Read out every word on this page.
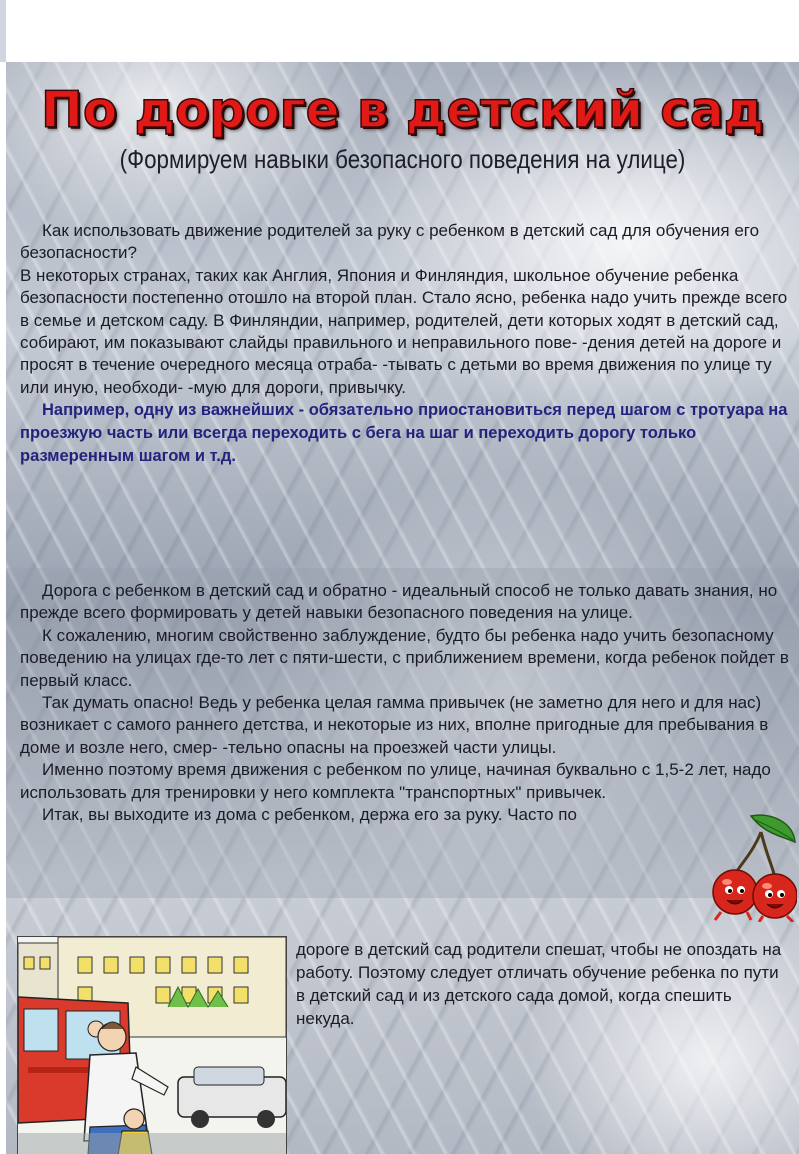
По дороге в детский сад
(Формируем навыки безопасного поведения на улице)

Как использовать движение родителей за руку с ребенком в детский сад для обучения его безопасности?

В некоторых странах, таких как Англия, Япония и Финляндия, школьное обучение ребенка безопасности постепенно отошло на второй план. Стало ясно, ребенка надо учить прежде всего в семье и детском саду. В Финляндии, например, родителей, дети которых ходят в детский сад, собирают, им показывают слайды правильного и неправильного пове- -дения детей на дороге и просят в течение очередного месяца отраба- -тывать с детьми во время движения по улице ту или иную, необходи- -мую для дороги, привычку.

Например, одну из важнейших - обязательно приостановиться перед шагом с тротуара на проезжую часть или всегда переходить с бега на шаг и переходить дорогу только размеренным шагом и т.д.

Дорога с ребенком в детский сад и обратно - идеальный способ не только давать знания, но прежде всего формировать у детей навыки безопасного поведения на улице.

К сожалению, многим свойственно заблуждение, будто бы ребенка надо учить безопасному поведению на улицах где-то лет с пяти-шести, с приближением времени, когда ребенок пойдет в первый класс.

Так думать опасно! Ведь у ребенка целая гамма привычек (не заметно для него и для нас) возникает с самого раннего детства, и некоторые из них, вполне пригодные для пребывания в доме и возле него, смер- -тельно опасны на проезжей части улицы.

Именно поэтому время движения с ребенком по улице, начиная буквально с 1,5-2 лет, надо использовать для тренировки у него комплекта "транспортных" привычек.

Итак, вы выходите из дома с ребенком, держа его за руку. Часто по

дороге в детский сад родители спешат, чтобы не опоздать на работу. Поэтому следует отличать обучение ребенка по пути в детский сад и из детского сада домой, когда спешить некуда.
